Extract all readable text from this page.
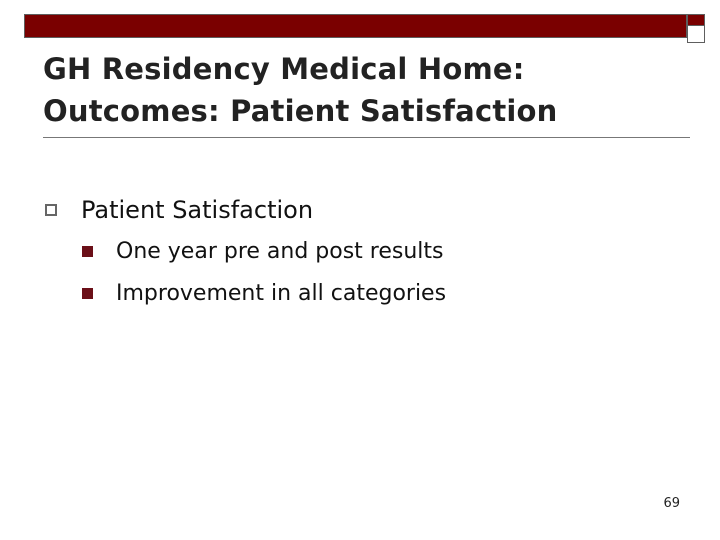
GH Residency Medical Home:
Outcomes: Patient Satisfaction
Patient Satisfaction
One year pre and post results
Improvement in all categories
69
